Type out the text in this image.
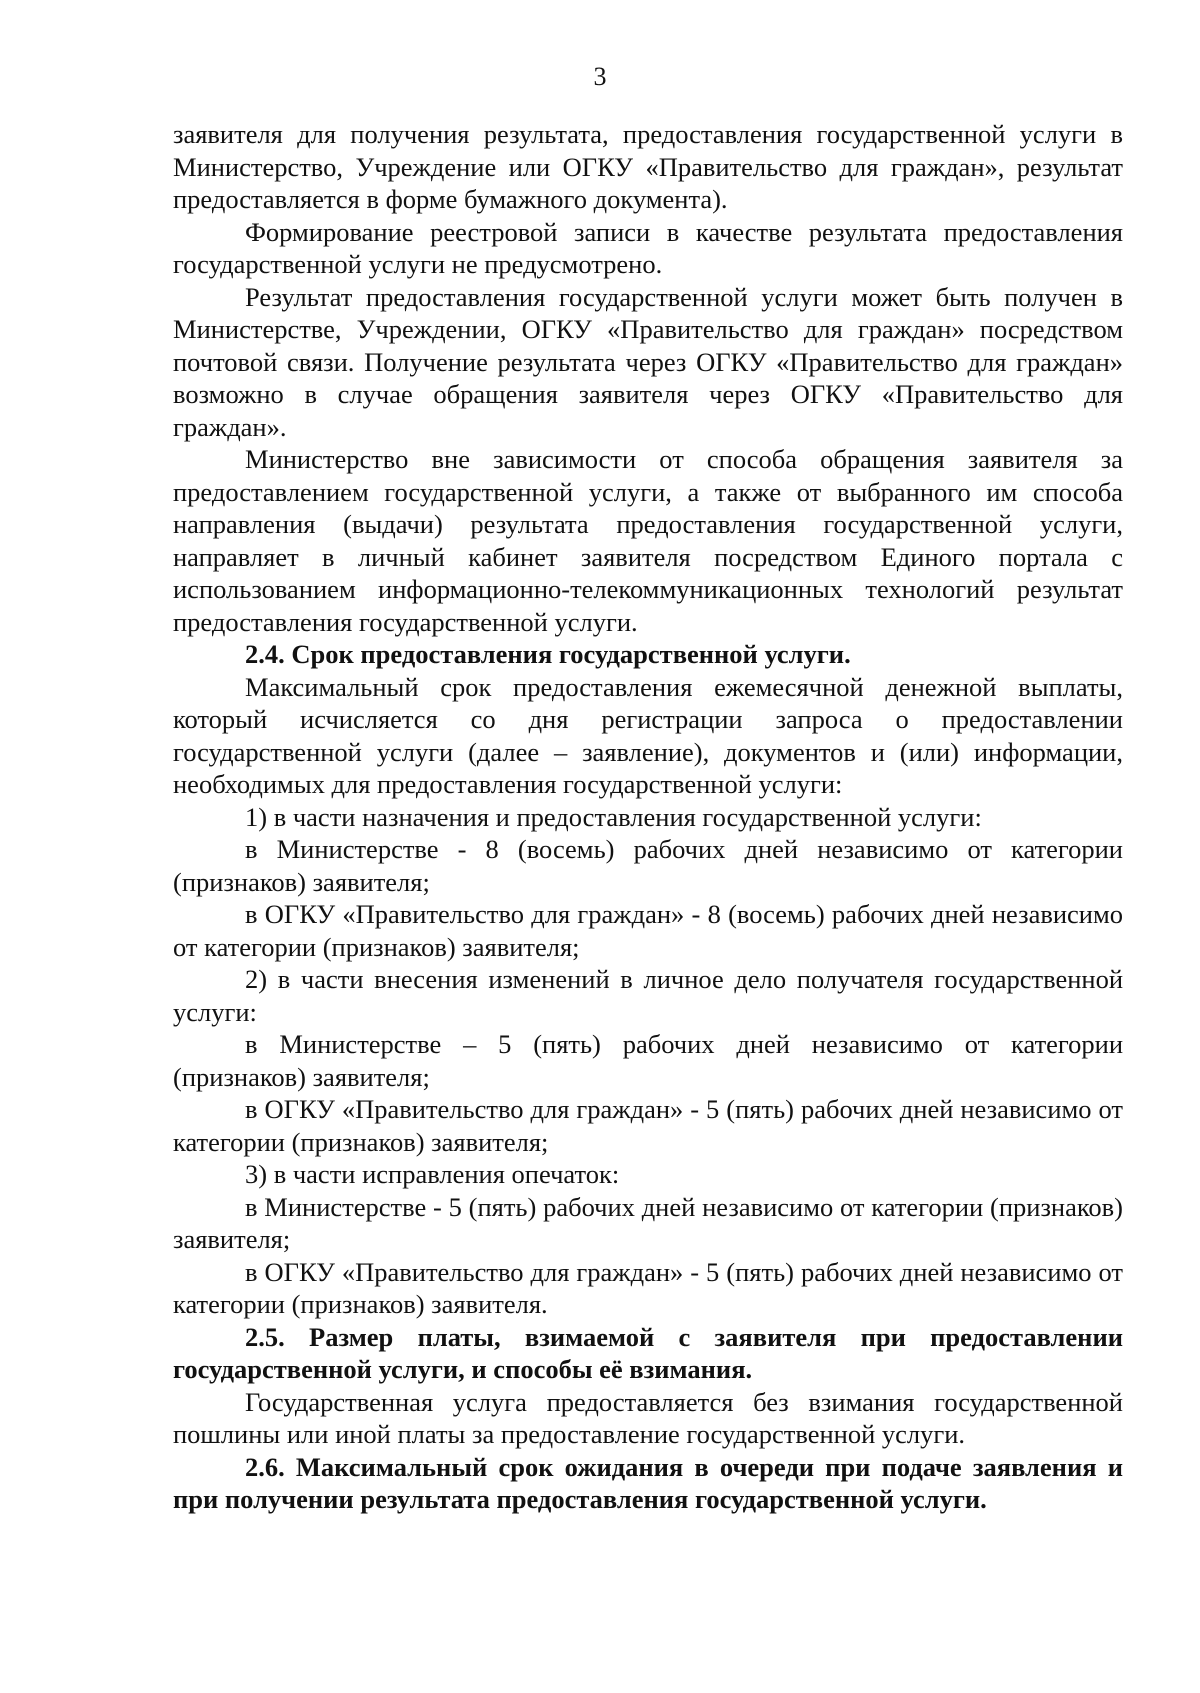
3

заявителя для получения результата, предоставления государственной услуги в Министерство, Учреждение или ОГКУ «Правительство для граждан», результат предоставляется в форме бумажного документа).

Формирование реестровой записи в качестве результата предоставления государственной услуги не предусмотрено.

Результат предоставления государственной услуги может быть получен в Министерстве, Учреждении, ОГКУ «Правительство для граждан» посредством почтовой связи. Получение результата через ОГКУ «Правительство для граждан» возможно в случае обращения заявителя через ОГКУ «Правительство для граждан».

Министерство вне зависимости от способа обращения заявителя за предоставлением государственной услуги, а также от выбранного им способа направления (выдачи) результата предоставления государственной услуги, направляет в личный кабинет заявителя посредством Единого портала с использованием информационно-телекоммуникационных технологий результат предоставления государственной услуги.

2.4. Срок предоставления государственной услуги.

Максимальный срок предоставления ежемесячной денежной выплаты, который исчисляется со дня регистрации запроса о предоставлении государственной услуги (далее – заявление), документов и (или) информации, необходимых для предоставления государственной услуги:

1) в части назначения и предоставления государственной услуги:

в Министерстве - 8 (восемь) рабочих дней независимо от категории (признаков) заявителя;

в ОГКУ «Правительство для граждан» - 8 (восемь) рабочих дней независимо от категории (признаков) заявителя;

2) в части внесения изменений в личное дело получателя государственной услуги:

в Министерстве – 5 (пять) рабочих дней независимо от категории (признаков) заявителя;

в ОГКУ «Правительство для граждан» - 5 (пять) рабочих дней независимо от категории (признаков) заявителя;

3) в части исправления опечаток:

в Министерстве - 5 (пять) рабочих дней независимо от категории (признаков) заявителя;

в ОГКУ «Правительство для граждан» - 5 (пять) рабочих дней независимо от категории (признаков) заявителя.

2.5. Размер платы, взимаемой с заявителя при предоставлении государственной услуги, и способы её взимания.

Государственная услуга предоставляется без взимания государственной пошлины или иной платы за предоставление государственной услуги.

2.6. Максимальный срок ожидания в очереди при подаче заявления и при получении результата предоставления государственной услуги.
